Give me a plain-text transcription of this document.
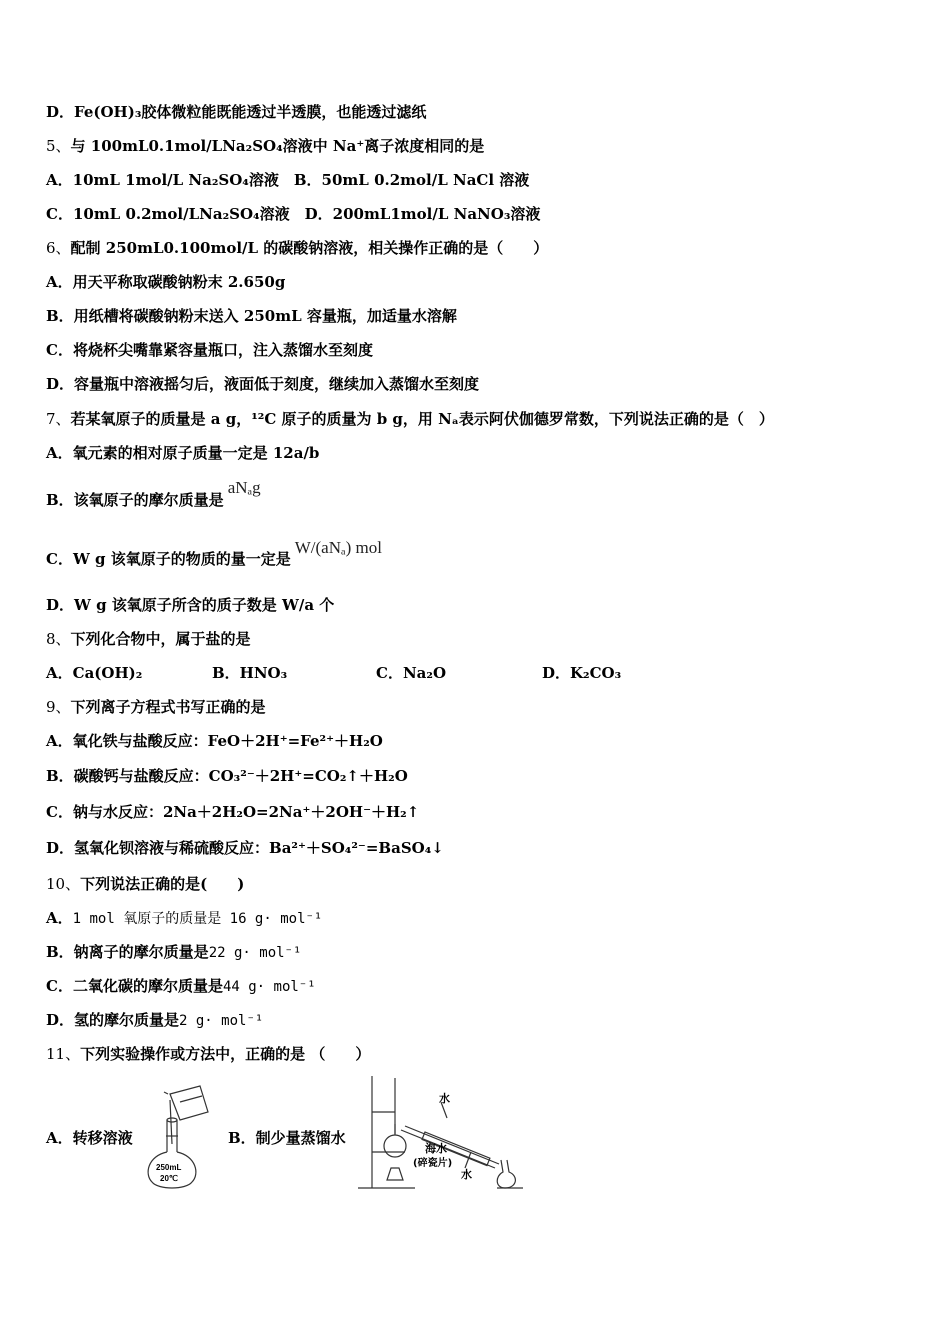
D．Fe(OH)₃胶体微粒能既能透过半透膜，也能透过滤纸
5、与 100mL0.1mol/LNa₂SO₄溶液中 Na⁺离子浓度相同的是
A．10mL 1mol/L Na₂SO₄溶液　B．50mL 0.2mol/L NaCl 溶液
C．10mL 0.2mol/LNa₂SO₄溶液　D．200mL1mol/L NaNO₃溶液
6、配制 250mL0.100mol/L 的碳酸钠溶液，相关操作正确的是（　　）
A．用天平称取碳酸钠粉末 2.650g
B．用纸槽将碳酸钠粉末送入 250mL 容量瓶，加适量水溶解
C．将烧杯尖嘴靠紧容量瓶口，注入蒸馏水至刻度
D．容量瓶中溶液摇匀后，液面低于刻度，继续加入蒸馏水至刻度
7、若某氧原子的质量是 a g，¹²C 原子的质量为 b g，用 Nₐ表示阿伏伽德罗常数，下列说法正确的是（　）
A．氧元素的相对原子质量一定是 12a/b
B．该氧原子的摩尔质量是aNₐg
C．W g 该氧原子的物质的量一定是W/(aNₐ) mol
D．W g 该氧原子所含的质子数是 W/a 个
8、下列化合物中，属于盐的是
A．Ca(OH)₂	B．HNO₃	C．Na₂O	D．K₂CO₃
9、下列离子方程式书写正确的是
A．氧化铁与盐酸反应：FeO＋2H⁺=Fe²⁺＋H₂O
B．碳酸钙与盐酸反应：CO₃²⁻＋2H⁺=CO₂↑＋H₂O
C．钠与水反应：2Na＋2H₂O=2Na⁺＋2OH⁻＋H₂↑
D．氢氧化钡溶液与稀硫酸反应：Ba²⁺＋SO₄²⁻=BaSO₄↓
10、下列说法正确的是(　　)
A．1 mol 氧原子的质量是 16 g· mol⁻¹
B．钠离子的摩尔质量是22 g· mol⁻¹
C．二氧化碳的摩尔质量是44 g· mol⁻¹
D．氢的摩尔质量是2 g· mol⁻¹
11、下列实验操作或方法中，正确的是 （　　）
A．转移溶液	B．制少量蒸馏水
250mL
20℃
水
海水
(碎瓷片)
水
